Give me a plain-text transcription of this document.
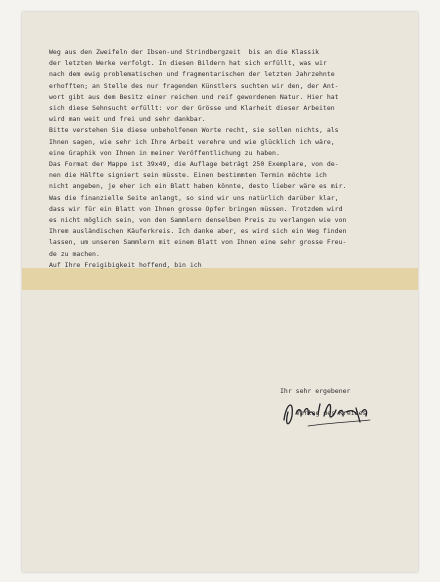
Weg aus den Zweifeln der Ibsen-und Strindbergzeit  bis an die Klassik
der letzten Werke verfolgt. In diesen Bildern hat sich erfüllt, was wir
nach dem ewig problematischen und fragmentarischen der letzten Jahrzehnte
erhofften; an Stelle des nur fragenden Künstlers suchten wir den, der Ant-
wort gibt aus dem Besitz einer reichen und reif gewordenen Natur. Hier hat
sich diese Sehnsucht erfüllt: vor der Grösse und Klarheit dieser Arbeiten
wird man weit und frei und sehr dankbar.
Bitte verstehen Sie diese unbeholfenen Worte recht, sie sollen nichts, als
Ihnen sagen, wie sehr ich Ihre Arbeit verehre und wie glücklich ich wäre,
eine Graphik von Ihnen in meiner Veröffentlichung zu haben.
Das Format der Mappe ist 39x49, die Auflage beträgt 250 Exemplare, von de-
nen die Hälfte signiert sein müsste. Einen bestimmten Termin möchte ich
nicht angeben, je eher ich ein Blatt haben könnte, desto lieber wäre es mir.
Was die finanzielle Seite anlangt, so sind wir uns natürlich darüber klar,
dass wir für ein Blatt von Ihnen grosse Opfer bringen müssen. Trotzdem wird
es nicht möglich sein, von den Sammlern denselben Preis zu verlangen wie von
Ihrem ausländischen Käuferkreis. Ich danke aber, es wird sich ein Weg finden
lassen, um unseren Sammlern mit einem Blatt von Ihnen eine sehr grosse Freu-
de zu machen.
Auf Ihre Freigibigkeit hoffend, bin ich
Ihr sehr ergebener

Verlag des Kreises
